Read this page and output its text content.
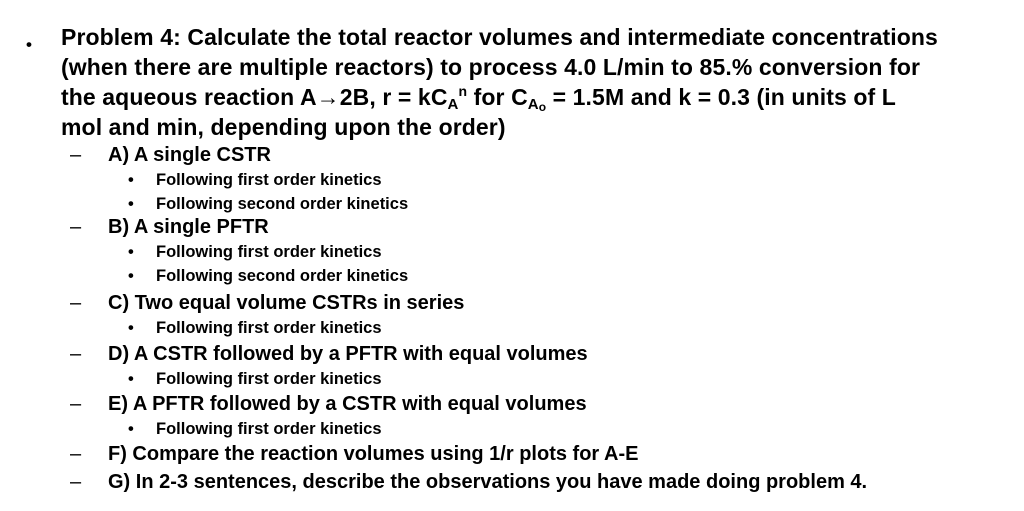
• Problem 4: Calculate the total reactor volumes and intermediate concentrations
(when there are multiple reactors) to process 4.0 L/min to 85.% conversion for
the aqueous reaction A→2B, r = kCA$^n$ for $CA_o = 1.5M$ and k = 0.3 (in units of L
mol and min, depending upon the order)
– A) A single CSTR
• Following first order kinetics
• Following second order kinetics
– B) A single PFTR
• Following first order kinetics
• Following second order kinetics
– C) Two equal volume CSTRs in series
• Following first order kinetics
– D) A CSTR followed by a PFTR with equal volumes
• Following first order kinetics
– E) A PFTR followed by a CSTR with equal volumes
• Following first order kinetics
– F) Compare the reaction volumes using 1/r plots for A-E
– G) In 2-3 sentences, describe the observations you have made doing problem 4.
